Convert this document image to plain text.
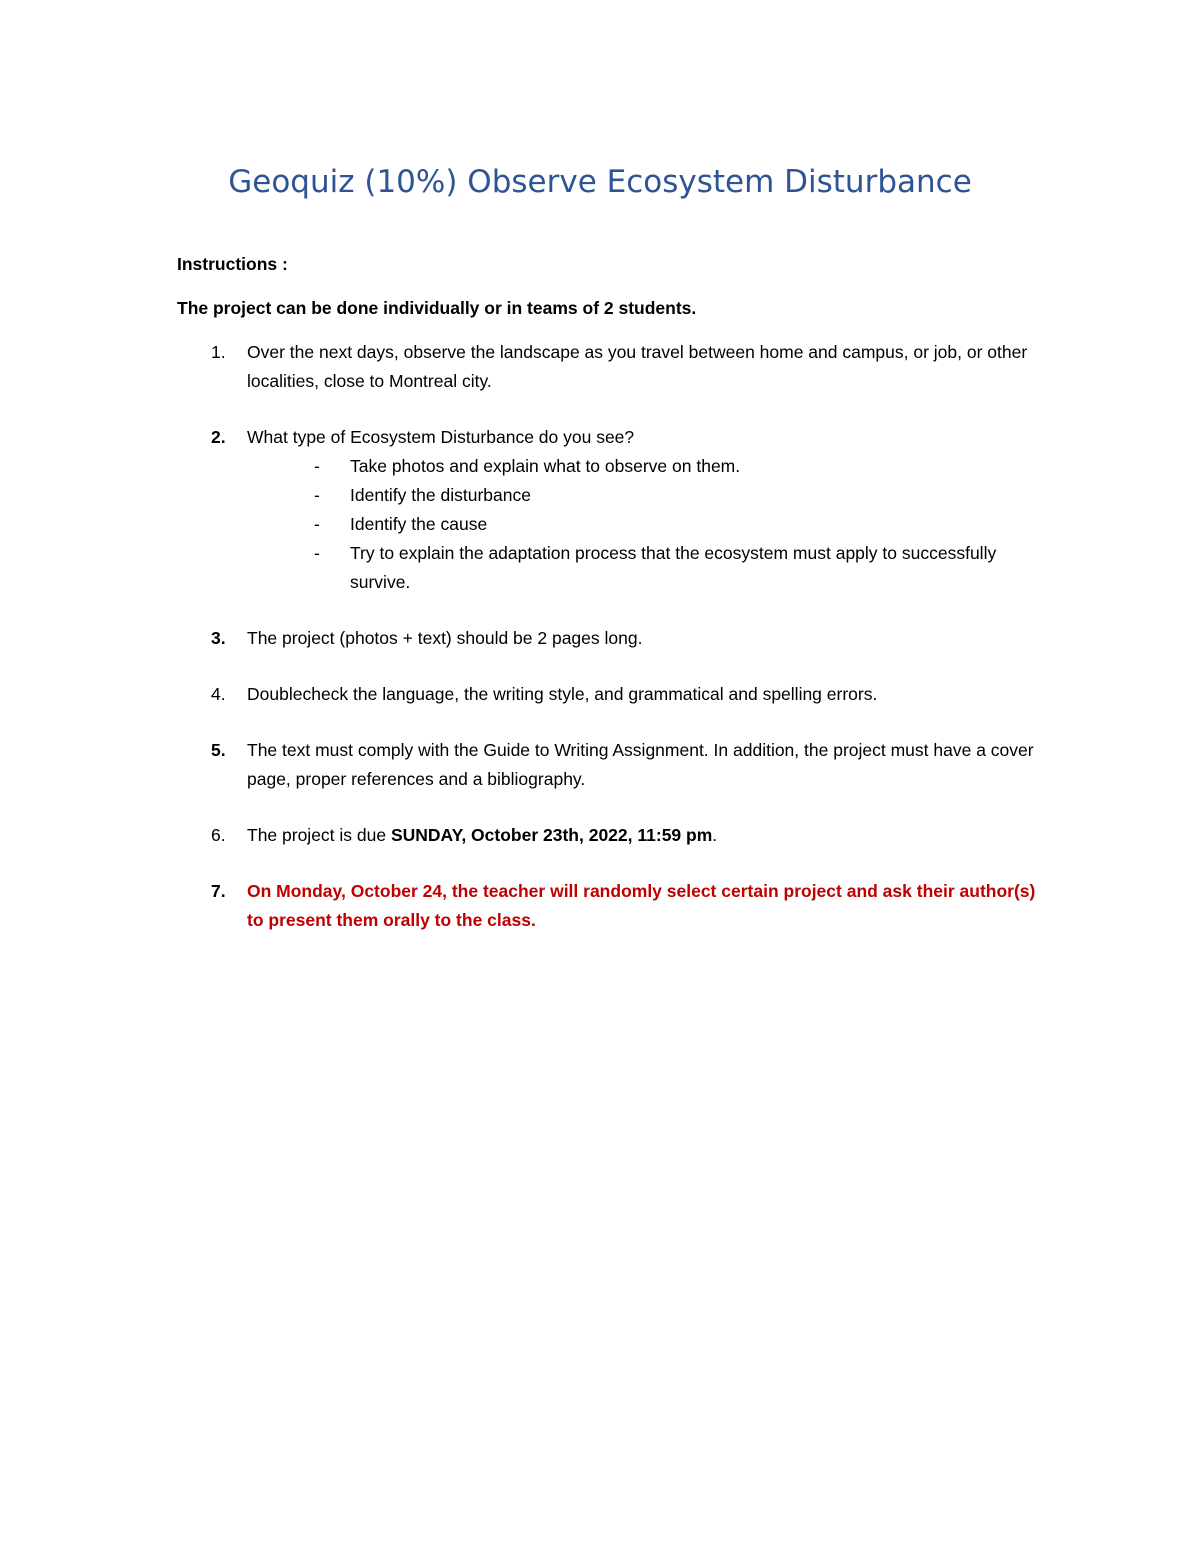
Geoquiz (10%) Observe Ecosystem Disturbance

Instructions :

The project can be done individually or in teams of 2 students.

1.	Over the next days, observe the landscape as you travel between home and campus, or job, or other localities, close to Montreal city.
2.	What type of Ecosystem Disturbance do you see?
- Take photos and explain what to observe on them.
- Identify the disturbance
- Identify the cause
- Try to explain the adaptation process that the ecosystem must apply to successfully survive.
3.	The project (photos + text) should be 2 pages long.
4.	Doublecheck the language, the writing style, and grammatical and spelling errors.
5.	The text must comply with the Guide to Writing Assignment. In addition, the project must have a cover page, proper references and a bibliography.
6.	The project is due SUNDAY, October 23th, 2022, 11:59 pm.
7.	On Monday, October 24, the teacher will randomly select certain project and ask their author(s) to present them orally to the class.
